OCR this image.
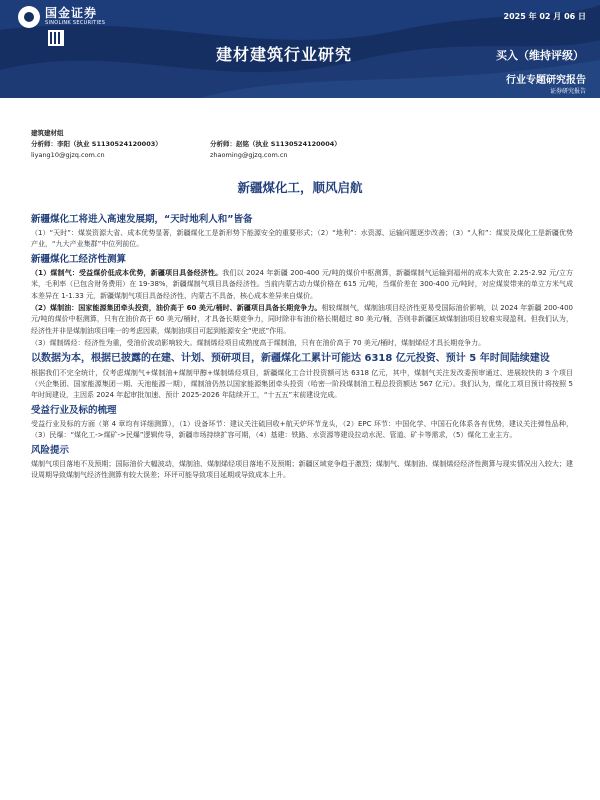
国金证券
SINOLINK SECURITIES
2025 年 02 月 06 日
建材建筑行业研究	买入（维持评级）
行业专题研究报告
证券研究报告
建筑建材组
分析师：李阳（执业 S1130524120003）
liyang10@gjzq.com.cn
分析师：赵铭（执业 S1130524120004）
zhaoming@gjzq.com.cn
新疆煤化工，顺风启航
新疆煤化工将进入高速发展期，“天时地利人和”皆备
（1）“天时”：煤炭资源大省、成本优势显著，新疆煤化工是新形势下能源安全的重要形式；（2）“地利”：水资源、运输问题逐步改善；（3）“人和”：煤炭及煤化工是新疆优势产业，“九大产业集群”中位列前位。
新疆煤化工经济性测算
（1）煤制气：受益煤价低成本优势，新疆项目具备经济性。我们以 2024 年新疆 200-400 元/吨的煤价中枢测算，新疆煤制气运输到福州的成本大致在 2.25-2.92 元/立方米，毛利率（已包含财务费用）在 19-38%，新疆煤制气项目具备经济性。当前内蒙古动力煤价格在 615 元/吨，当煤价差在 300-400 元/吨时，对应煤炭带来的单立方米气成本差异在 1-1.33 元，新疆煤制气项目具备经济性、内蒙古不具备，核心成本差异来自煤价。
（2）煤制油：国家能源集团牵头投资，油价高于 60 美元/桶时、新疆项目具备长期竞争力。相较煤制气，煤制油项目经济性更易受国际油价影响，以 2024 年新疆 200-400 元/吨的煤价中枢测算，只有在油价高于 60 美元/桶时，才具备长期竞争力，同时除非布油价格长期超过 80 美元/桶，否则非新疆区域煤制油项目较难实现盈利。但我们认为，经济性并非是煤制油项目唯一的考虑因素，煤制油项目可起到能源安全“兜底”作用。
（3）煤制烯烃：经济性为重，受油价波动影响较大。煤制烯烃项目成熟度高于煤制油，只有在油价高于 70 美元/桶时，煤制烯烃才具长期竞争力。
以数据为本，根据已披露的在建、计划、预研项目，新疆煤化工累计可能达 6318 亿元投资、预计 5 年时间陆续建设
根据我们不完全统计，仅考虑煤制气+煤制油+煤制甲醇+煤制烯烃项目，新疆煤化工合计投资额可达 6318 亿元，其中，煤制气关注发改委预审通过、进展较快的 3 个项目（兴企集团、国家能源集团一期、天池能源一期），煤制油仍然以国家能源集团牵头投资（哈密一阶段煤制油工程总投资额达 567 亿元）。我们认为，煤化工项目预计将按照 5 年时间建设，主因系 2024 年起审批加速、预计 2025-2026 年陆续开工，“十五五”末前建设完成。
受益行业及标的梳理
受益行业及标的方面（第 4 章均有详细测算），（1）设备环节：建议关注硫回收+航天炉环节龙头，（2）EPC 环节：中国化学、中国石化体系各有优势，建议关注弹性品种，（3）民爆：“煤化工->煤矿->民爆”逻辑传导，新疆市场持续扩容可期，（4）基建：铁路、水资源等建设拉动水泥、管道、矿卡等需求，（5）煤化工业主方。
风险提示
煤制气项目落地不及预期；国际油价大幅波动，煤制油、煤制烯烃项目落地不及预期；新疆区域竞争趋于激烈；煤制气、煤制油、煤制烯烃经济性测算与现实情况出入较大；建设周期导致煤制气经济性测算有较大误差；环评可能导致项目延期或导致成本上升。
